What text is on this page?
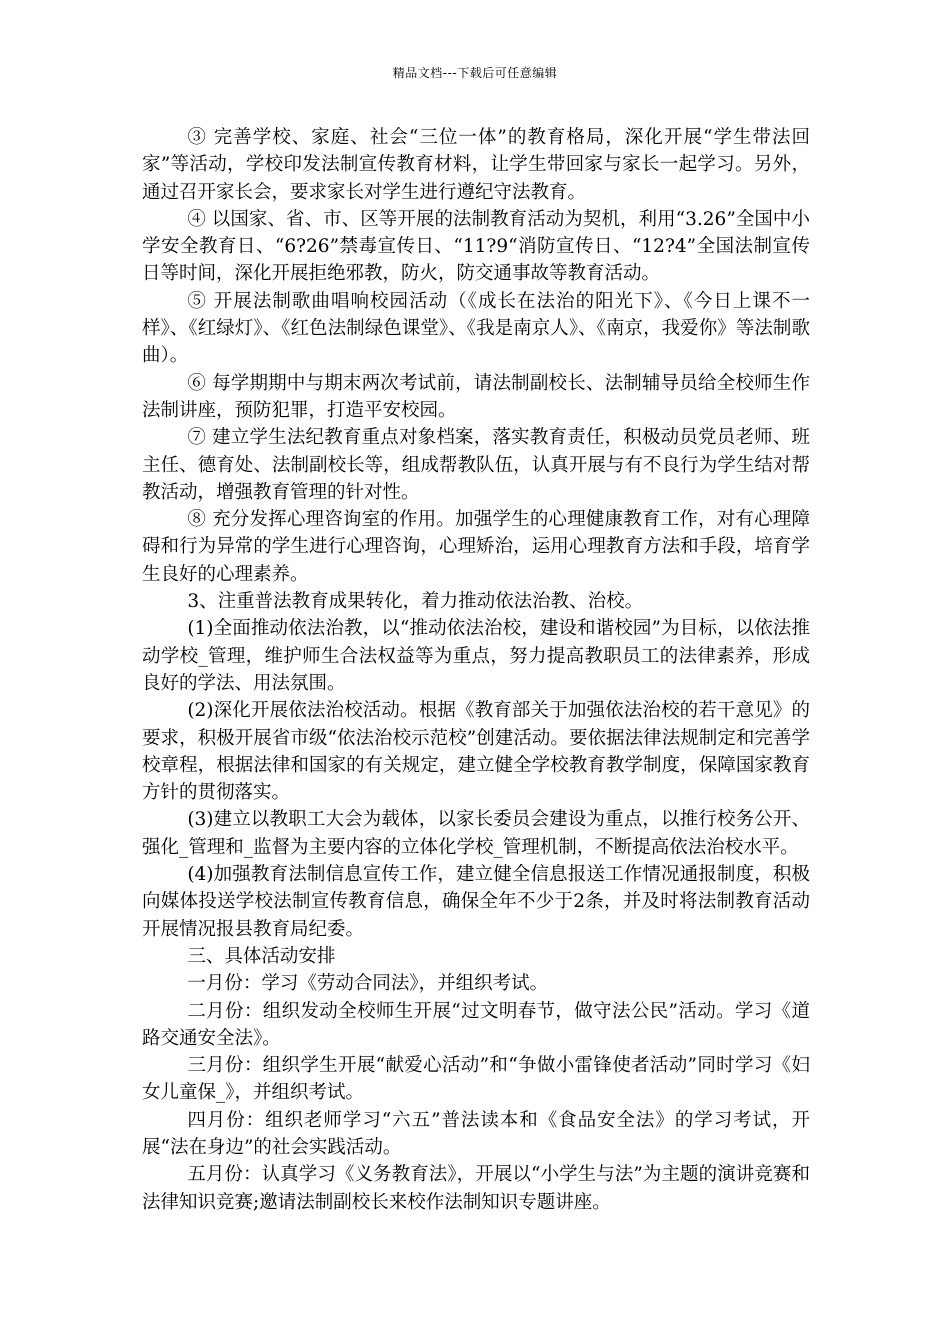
精品文档---下载后可任意编辑

③ 完善学校、家庭、社会“三位一体”的教育格局，深化开展“学生带法回家”等活动，学校印发法制宣传教育材料，让学生带回家与家长一起学习。另外，通过召开家长会，要求家长对学生进行遵纪守法教育。

④ 以国家、省、市、区等开展的法制教育活动为契机，利用“3.26”全国中小学安全教育日、“6?26”禁毒宣传日、“11?9“消防宣传日、“12?4”全国法制宣传日等时间，深化开展拒绝邪教，防火，防交通事故等教育活动。

⑤ 开展法制歌曲唱响校园活动（《成长在法治的阳光下》、《今日上课不一样》、《红绿灯》、《红色法制绿色课堂》、《我是南京人》、《南京，我爱你》等法制歌曲）。

⑥ 每学期期中与期末两次考试前，请法制副校长、法制辅导员给全校师生作法制讲座，预防犯罪，打造平安校园。

⑦ 建立学生法纪教育重点对象档案，落实教育责任，积极动员党员老师、班主任、德育处、法制副校长等，组成帮教队伍，认真开展与有不良行为学生结对帮教活动，增强教育管理的针对性。

⑧ 充分发挥心理咨询室的作用。加强学生的心理健康教育工作，对有心理障碍和行为异常的学生进行心理咨询，心理矫治，运用心理教育方法和手段，培育学生良好的心理素养。

3、注重普法教育成果转化，着力推动依法治教、治校。

(1)全面推动依法治教，以“推动依法治校，建设和谐校园”为目标，以依法推动学校_管理，维护师生合法权益等为重点，努力提高教职员工的法律素养，形成良好的学法、用法氛围。

(2)深化开展依法治校活动。根据《教育部关于加强依法治校的若干意见》的要求，积极开展省市级“依法治校示范校”创建活动。要依据法律法规制定和完善学校章程，根据法律和国家的有关规定，建立健全学校教育教学制度，保障国家教育方针的贯彻落实。

(3)建立以教职工大会为载体，以家长委员会建设为重点，以推行校务公开、强化_管理和_监督为主要内容的立体化学校_管理机制，不断提高依法治校水平。

(4)加强教育法制信息宣传工作，建立健全信息报送工作情况通报制度，积极向媒体投送学校法制宣传教育信息，确保全年不少于2条，并及时将法制教育活动开展情况报县教育局纪委。

三、具体活动安排

一月份：学习《劳动合同法》，并组织考试。

二月份：组织发动全校师生开展“过文明春节，做守法公民”活动。学习《道路交通安全法》。

三月份：组织学生开展“献爱心活动”和“争做小雷锋使者活动”同时学习《妇女儿童保_》，并组织考试。

四月份：组织老师学习“六五”普法读本和《食品安全法》的学习考试，开展“法在身边”的社会实践活动。

五月份：认真学习《义务教育法》，开展以“小学生与法”为主题的演讲竞赛和法律知识竞赛;邀请法制副校长来校作法制知识专题讲座。
